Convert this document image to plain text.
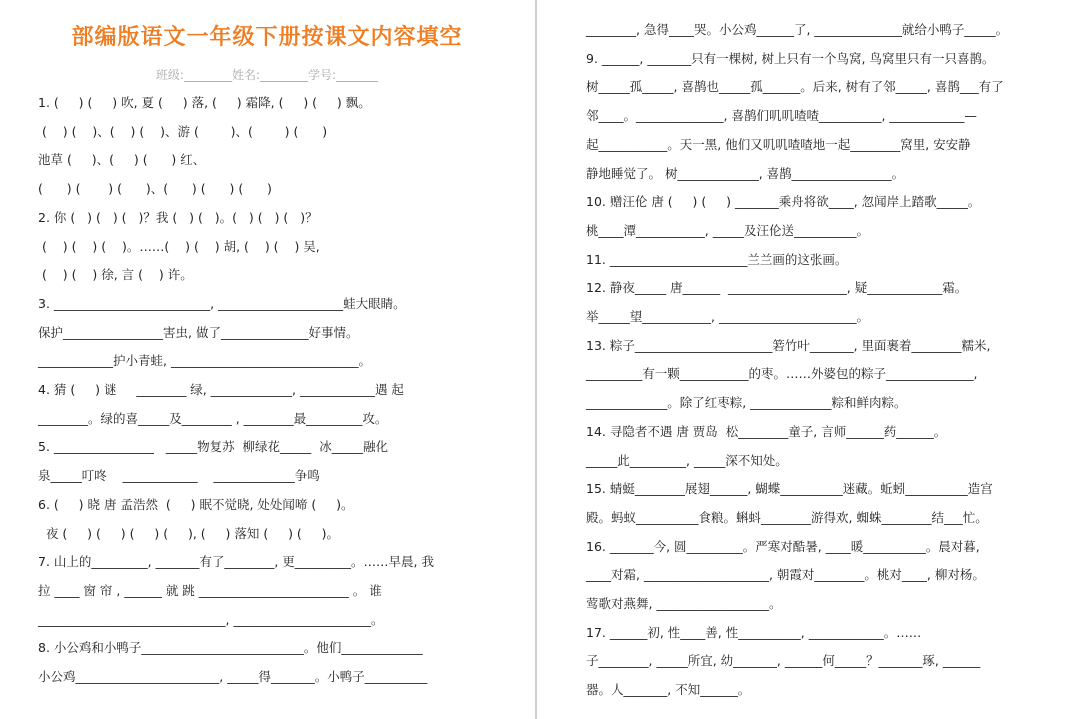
部编版语文一年级下册按课文内容填空
班级:________姓名:________学号:_______
1. (     ) (     ) 吹, 夏 (     ) 落, (     ) 霜降, (     ) (     ) 飘。
(    ) (    )、(    ) (    )、游 (        )、(        ) (      )
池草 (     )、(     ) (      ) 红、
(      ) (       ) (      )、(      ) (      ) (      )
2. 你 (   ) (   ) (   )？我 (   ) (   )。(   ) (   ) (   )？
(    ) (    ) (    )。……(    ) (    ) 胡, (    ) (    ) 吴,
(    ) (    ) 徐, 言 (    ) 许。
3. _________________________, ____________________蛙大眼睛。
保护________________害虫, 做了______________好事情。
____________护小青蛙, ______________________________。
4. 猜 (     ) 谜     ________ 绿, _____________, ____________遇 起
________。绿的喜_____及________ , ________最_________攻。
5. ________________   _____物复苏  柳绿花_____  冰_____融化
泉_____叮咚    ____________    _____________争鸣
6. (     ) 晓 唐 孟浩然  (     ) 眠不觉晓, 处处闻啼 (     )。
夜 (     ) (     ) (     ) (     ), (     ) 落知 (     ) (     )。
7. 山上的_________, _______有了________, 更_________。……早晨, 我
拉 ____ 窗 帘 , ______ 就 跳 ________________________ 。 谁
______________________________, ______________________。
8. 小公鸡和小鸭子__________________________。他们_____________
小公鸡_______________________, _____得_______。小鸭子__________
________, 急得____哭。小公鸡______了, ______________就给小鸭子_____。
9. ______, _______只有一棵树, 树上只有一个鸟窝, 鸟窝里只有一只喜鹊。
树_____孤_____, 喜鹊也_____孤______。后来, 树有了邻_____, 喜鹊___有了
邻____。______________, 喜鹊们叽叽喳喳__________, ____________—
起___________。天一黑, 他们又叽叽喳喳地一起________窝里, 安安静
静地睡觉了。 树_____________, 喜鹊________________。
10. 赠汪伦 唐 (     ) (     ) _______乘舟将欲____, 忽闻岸上踏歌_____。
桃____潭___________, _____及汪伦送__________。
11. ______________________兰兰画的这张画。
12. 静夜_____ 唐______  ___________________, 疑____________霜。
举_____望___________, ______________________。
13. 粽子______________________箬竹叶_______, 里面裹着________糯米,
_________有一颗___________的枣。……外婆包的粽子______________,
_____________。除了红枣粽, _____________粽和鲜肉粽。
14. 寻隐者不遇 唐 贾岛  松________童子, 言师______药______。
_____此_________, _____深不知处。
15. 蜻蜓________展翅______, 蝴蝶__________迷藏。蚯蚓__________造宫
殿。蚂蚁__________食粮。蝌蚪________游得欢, 蜘蛛________结___忙。
16. _______今, 圆_________。严寒对酷暑, ____暖__________。晨对暮,
____对霜, ____________________, 朝霞对________。桃对____, 柳对杨。
莺歌对燕舞, __________________。
17. ______初, 性____善, 性__________, ____________。……
子________, _____所宜, 幼_______, ______何_____？_______琢, ______
器。人_______, 不知______。
